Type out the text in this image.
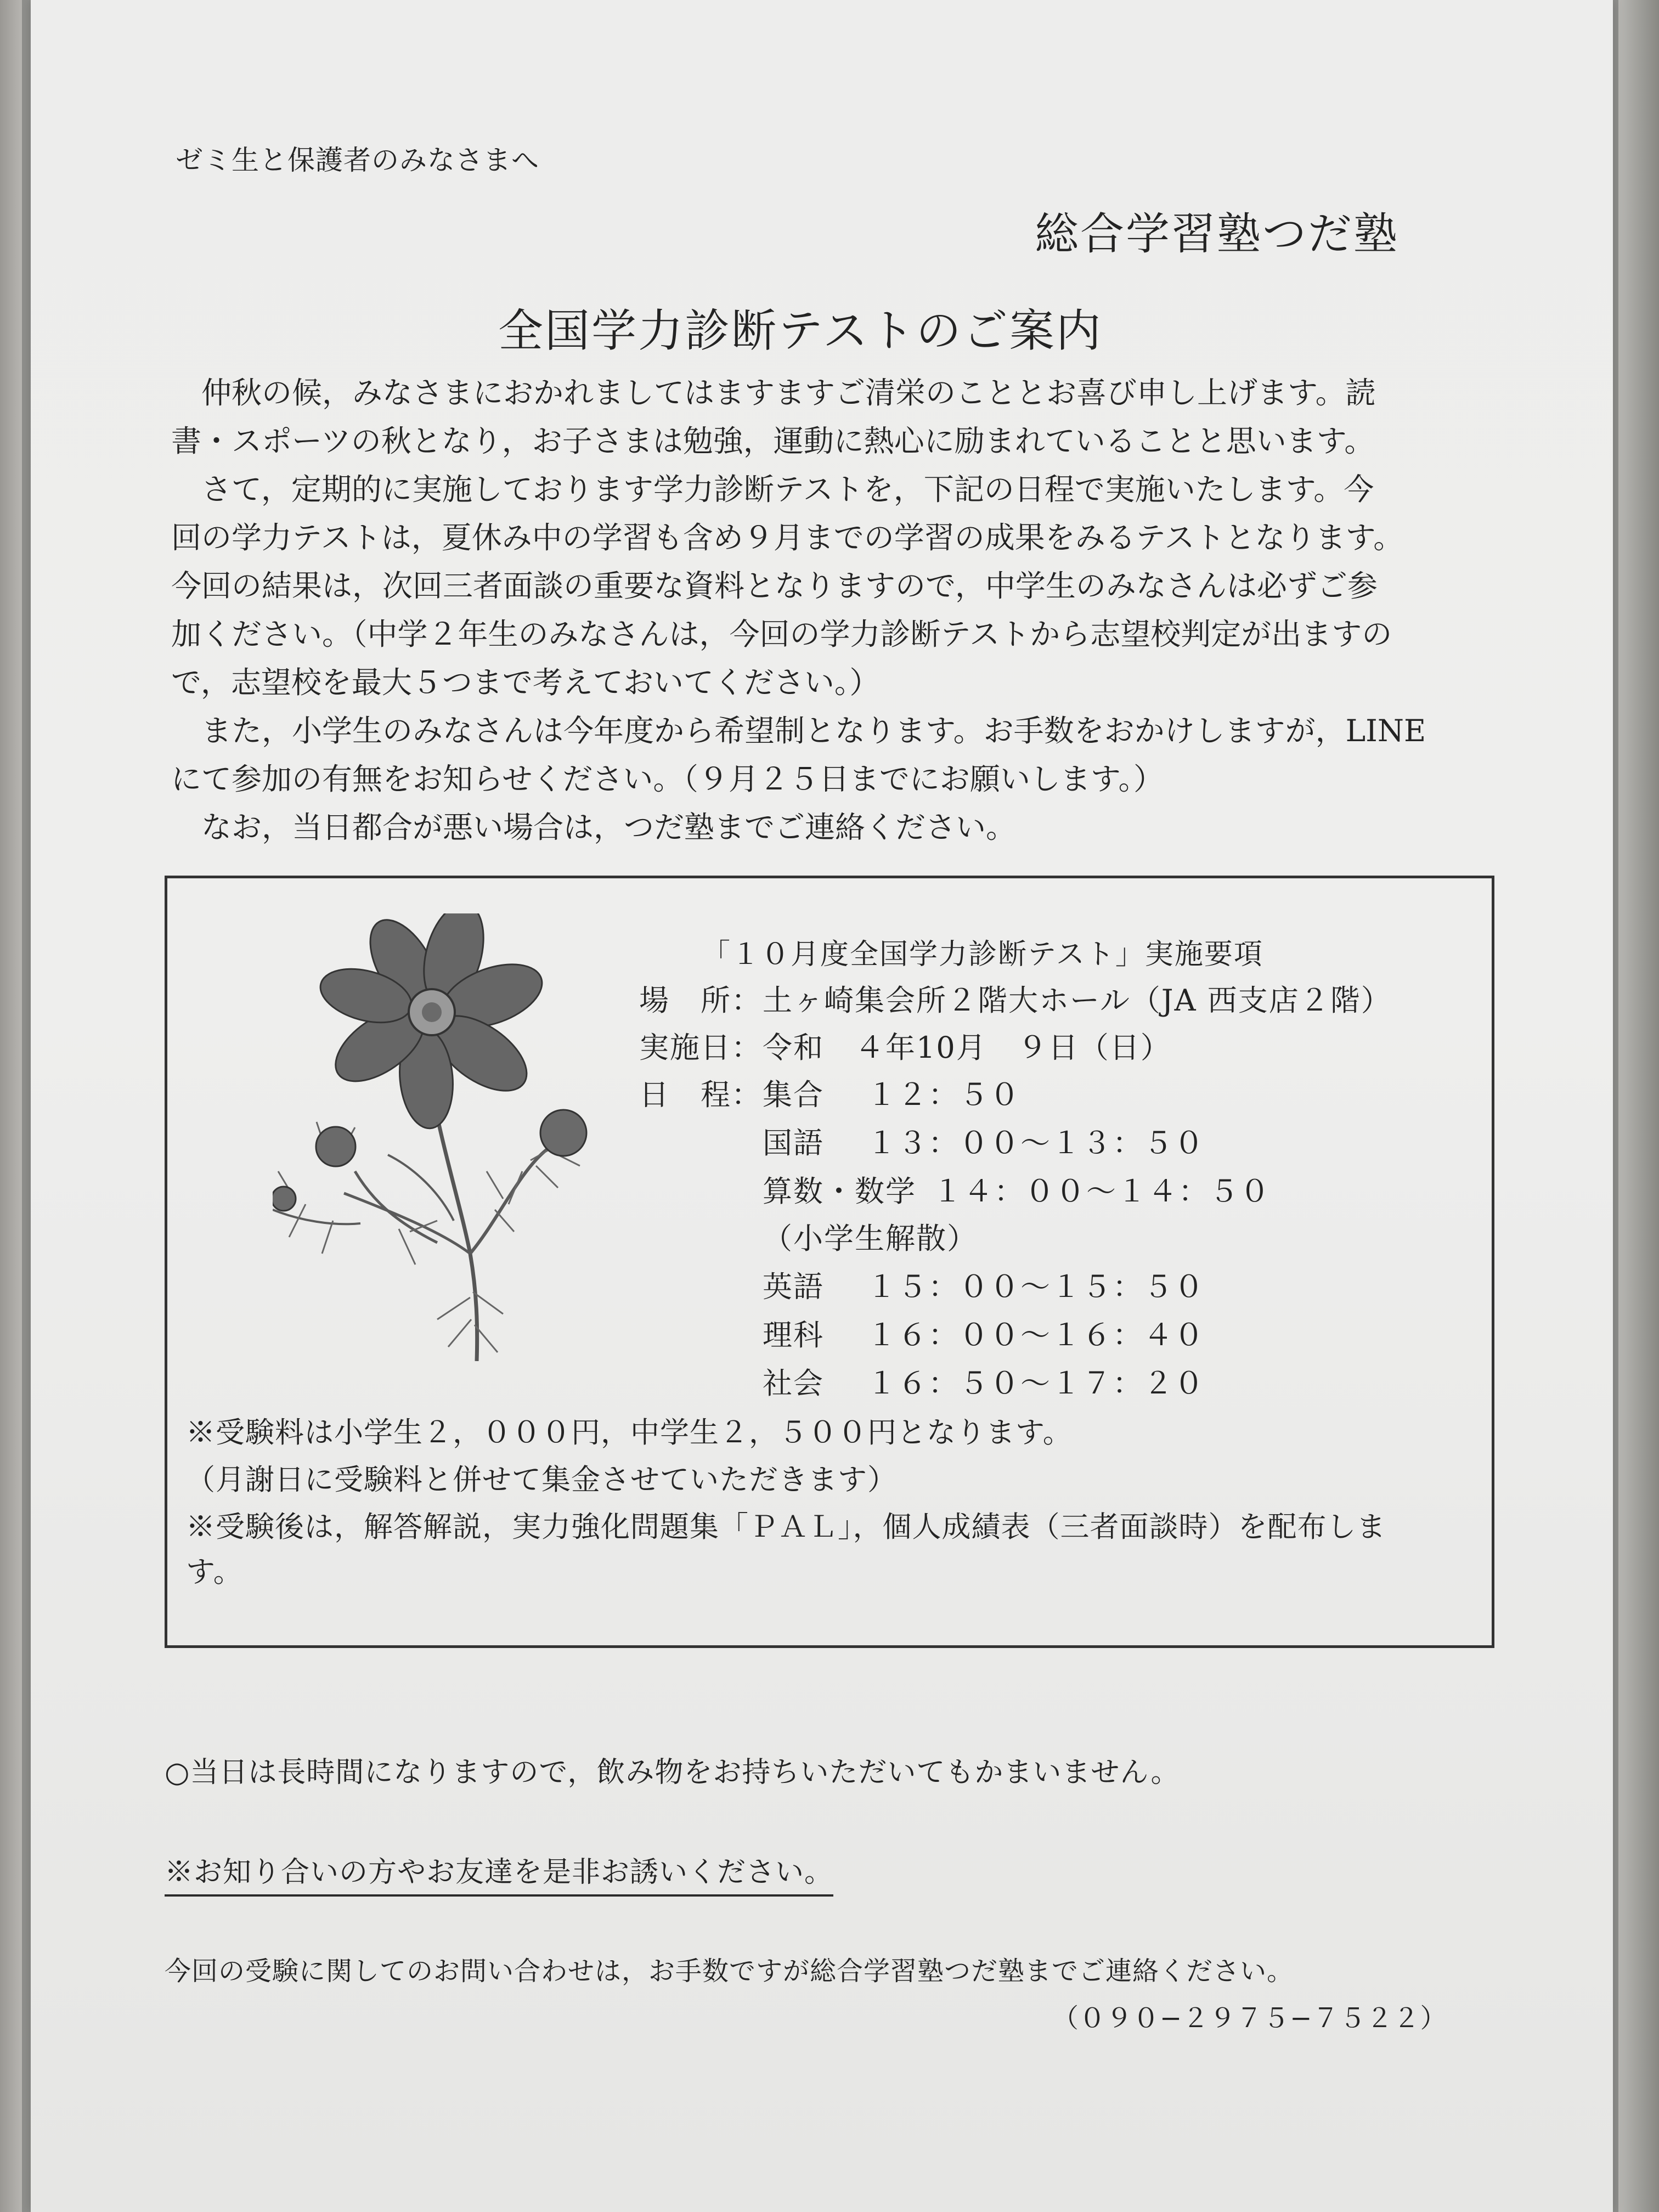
ゼミ生と保護者のみなさまへ
総合学習塾つだ塾
全国学力診断テストのご案内

　仲秋の候，みなさまにおかれましてはますますご清栄のこととお喜び申し上げます。読

書・スポーツの秋となり，お子さまは勉強，運動に熱心に励まれていることと思います。

　さて，定期的に実施しております学力診断テストを，下記の日程で実施いたします。今

回の学力テストは，夏休み中の学習も含め９月までの学習の成果をみるテストとなります。

今回の結果は，次回三者面談の重要な資料となりますので，中学生のみなさんは必ずご参

加ください。（中学２年生のみなさんは，今回の学力診断テストから志望校判定が出ますの

で，志望校を最大５つまで考えておいてください。）

　また，小学生のみなさんは今年度から希望制となります。お手数をおかけしますが，LINE

にて参加の有無をお知らせください。（９月２５日までにお願いします。）

　なお，当日都合が悪い場合は，つだ塾までご連絡ください。

「１０月度全国学力診断テスト」実施要項
場　所： 土ヶ崎集会所２階大ホール（JA 西支店２階）
実施日： 令和　４年10月　９日（日）
日　程： 集合 １２：５０
国語 １３：００〜１３：５０
算数・数学 １４：００〜１４：５０
（小学生解散）
英語 １５：００〜１５：５０
理科 １６：００〜１６：４０
社会 １６：５０〜１７：２０
※受験料は小学生２，０００円，中学生２，５００円となります。
（月謝日に受験料と併せて集金させていただきます）
※受験後は，解答解説，実力強化問題集「ＰＡＬ」，個人成績表（三者面談時）を配布しま
す。
○当日は長時間になりますので，飲み物をお持ちいただいてもかまいません。
※お知り合いの方やお友達を是非お誘いください。
今回の受験に関してのお問い合わせは，お手数ですが総合学習塾つだ塾までご連絡ください。
（０９０−２９７５−７５２２）
